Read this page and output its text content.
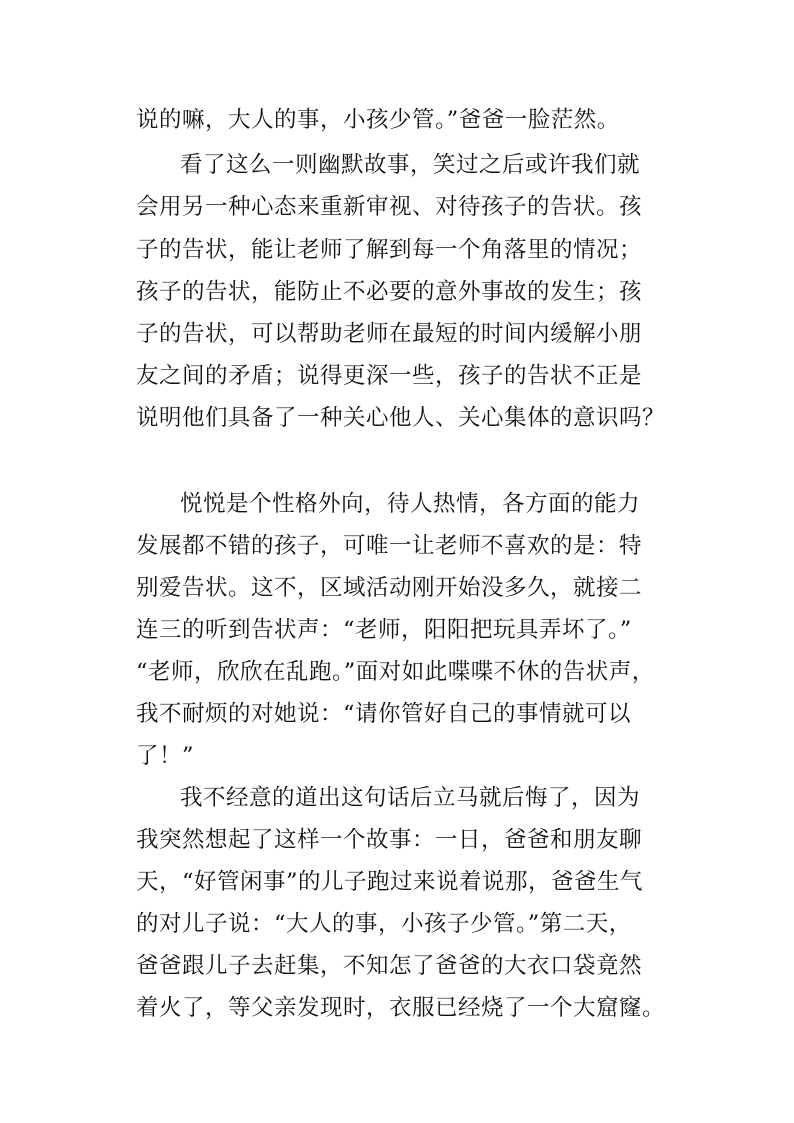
说的嘛，大人的事，小孩少管。”爸爸一脸茫然。
看了这么一则幽默故事，笑过之后或许我们就
会用另一种心态来重新审视、对待孩子的告状。孩
子的告状，能让老师了解到每一个角落里的情况；
孩子的告状，能防止不必要的意外事故的发生；孩
子的告状，可以帮助老师在最短的时间内缓解小朋
友之间的矛盾；说得更深一些，孩子的告状不正是
说明他们具备了一种关心他人、关心集体的意识吗？
悦悦是个性格外向，待人热情，各方面的能力
发展都不错的孩子，可唯一让老师不喜欢的是：特
别爱告状。这不，区域活动刚开始没多久，就接二
连三的听到告状声：“老师，阳阳把玩具弄坏了。”
“老师，欣欣在乱跑。”面对如此喋喋不休的告状声，
我不耐烦的对她说：“请你管好自己的事情就可以
了！”
我不经意的道出这句话后立马就后悔了，因为
我突然想起了这样一个故事：一日，爸爸和朋友聊
天，“好管闲事”的儿子跑过来说着说那，爸爸生气
的对儿子说：“大人的事，小孩子少管。”第二天，
爸爸跟儿子去赶集，不知怎了爸爸的大衣口袋竟然
着火了，等父亲发现时，衣服已经烧了一个大窟窿。
